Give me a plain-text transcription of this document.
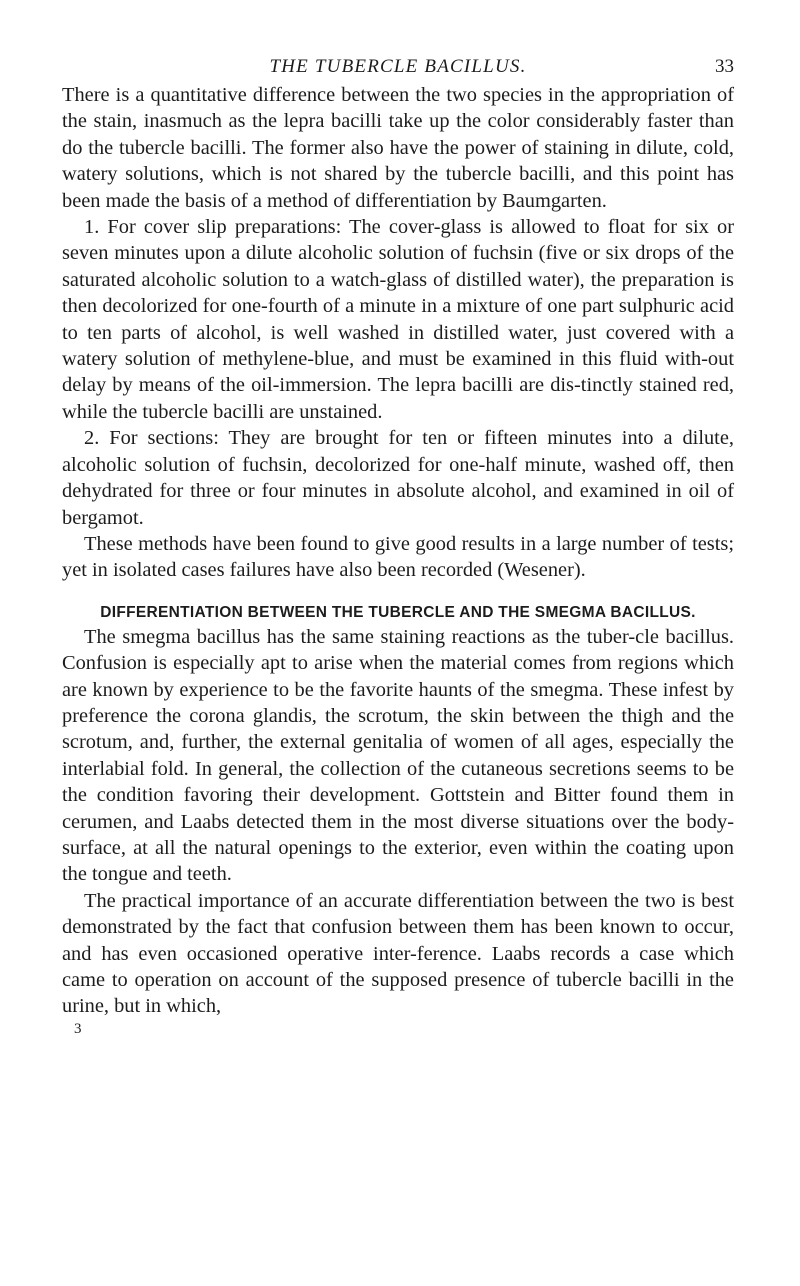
THE TUBERCLE BACILLUS.	33

There is a quantitative difference between the two species in the appropriation of the stain, inasmuch as the lepra bacilli take up the color considerably faster than do the tubercle bacilli. The former also have the power of staining in dilute, cold, watery solutions, which is not shared by the tubercle bacilli, and this point has been made the basis of a method of differentiation by Baumgarten.

1. For cover slip preparations: The cover-glass is allowed to float for six or seven minutes upon a dilute alcoholic solution of fuchsin (five or six drops of the saturated alcoholic solution to a watch-glass of distilled water), the preparation is then decolorized for one-fourth of a minute in a mixture of one part sulphuric acid to ten parts of alcohol, is well washed in distilled water, just covered with a watery solution of methylene-blue, and must be examined in this fluid with-out delay by means of the oil-immersion. The lepra bacilli are dis-tinctly stained red, while the tubercle bacilli are unstained.

2. For sections: They are brought for ten or fifteen minutes into a dilute, alcoholic solution of fuchsin, decolorized for one-half minute, washed off, then dehydrated for three or four minutes in absolute alcohol, and examined in oil of bergamot.

These methods have been found to give good results in a large number of tests; yet in isolated cases failures have also been recorded (Wesener).

DIFFERENTIATION BETWEEN THE TUBERCLE AND THE SMEGMA BACILLUS.

The smegma bacillus has the same staining reactions as the tuber-cle bacillus. Confusion is especially apt to arise when the material comes from regions which are known by experience to be the favorite haunts of the smegma. These infest by preference the corona glandis, the scrotum, the skin between the thigh and the scrotum, and, further, the external genitalia of women of all ages, especially the interlabial fold. In general, the collection of the cutaneous secretions seems to be the condition favoring their development. Gottstein and Bitter found them in cerumen, and Laabs detected them in the most diverse situations over the body-surface, at all the natural openings to the exterior, even within the coating upon the tongue and teeth.

The practical importance of an accurate differentiation between the two is best demonstrated by the fact that confusion between them has been known to occur, and has even occasioned operative inter-ference. Laabs records a case which came to operation on account of the supposed presence of tubercle bacilli in the urine, but in which,

3
